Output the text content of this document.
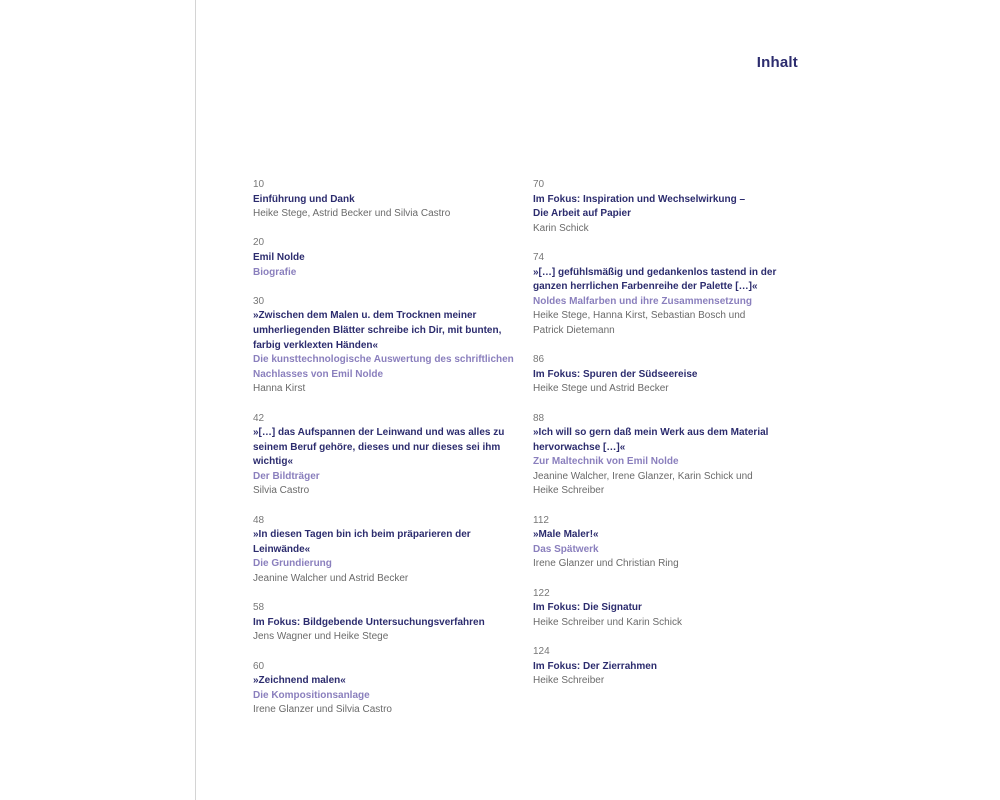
Inhalt
10
Einführung und Dank
Heike Stege, Astrid Becker und Silvia Castro
20
Emil Nolde
Biografie
30
»Zwischen dem Malen u. dem Trocknen meiner
umherliegenden Blätter schreibe ich Dir, mit bunten,
farbig verklexten Händen«
Die kunsttechnologische Auswertung des schriftlichen
Nachlasses von Emil Nolde
Hanna Kirst
42
»[…] das Aufspannen der Leinwand und was alles zu
seinem Beruf gehöre, dieses und nur dieses sei ihm
wichtig«
Der Bildträger
Silvia Castro
48
»In diesen Tagen bin ich beim präparieren der
Leinwände«
Die Grundierung
Jeanine Walcher und Astrid Becker
58
Im Fokus: Bildgebende Untersuchungsverfahren
Jens Wagner und Heike Stege
60
»Zeichnend malen«
Die Kompositionsanlage
Irene Glanzer und Silvia Castro
70
Im Fokus: Inspiration und Wechselwirkung –
Die Arbeit auf Papier
Karin Schick
74
»[…] gefühlsmäßig und gedankenlos tastend in der
ganzen herrlichen Farbenreihe der Palette […]«
Noldes Malfarben und ihre Zusammensetzung
Heike Stege, Hanna Kirst, Sebastian Bosch und
Patrick Dietemann
86
Im Fokus: Spuren der Südseereise
Heike Stege und Astrid Becker
88
»Ich will so gern daß mein Werk aus dem Material
hervorwachse […]«
Zur Maltechnik von Emil Nolde
Jeanine Walcher, Irene Glanzer, Karin Schick und
Heike Schreiber
112
»Male Maler!«
Das Spätwerk
Irene Glanzer und Christian Ring
122
Im Fokus: Die Signatur
Heike Schreiber und Karin Schick
124
Im Fokus: Der Zierrahmen
Heike Schreiber
